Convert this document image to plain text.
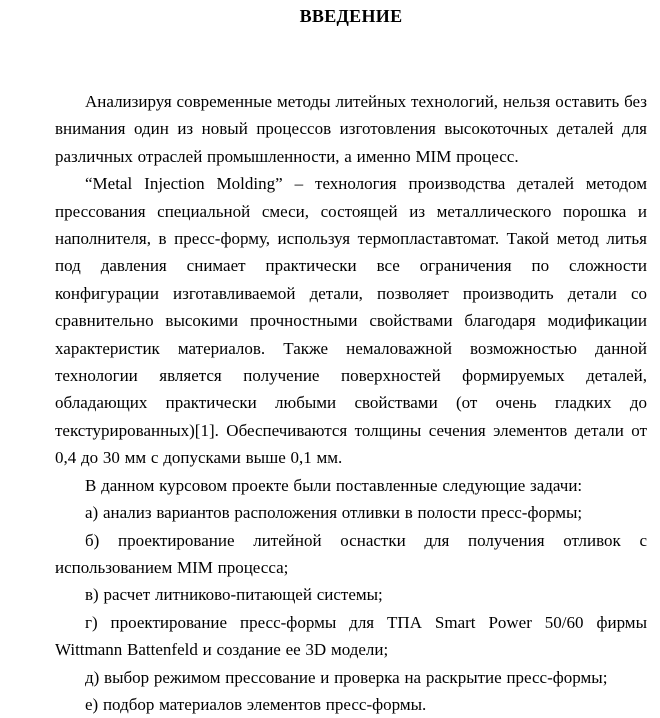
ВВЕДЕНИЕ

Анализируя современные методы литейных технологий, нельзя оставить без внимания один из новый процессов изготовления высокоточных деталей для различных отраслей промышленности, а именно MIM процесс.

“Metal Injection Molding” – технология производства деталей методом прессования специальной смеси, состоящей из металлического порошка и наполнителя, в пресс-форму, используя термопластавтомат. Такой метод литья под давления снимает практически все ограничения по сложности конфигурации изготавливаемой детали, позволяет производить детали со сравнительно высокими прочностными свойствами благодаря модификации характеристик материалов. Также немаловажной возможностью данной технологии является получение поверхностей формируемых деталей, обладающих практически любыми свойствами (от очень гладких до текстурированных)[1]. Обеспечиваются толщины сечения элементов детали от 0,4 до 30 мм с допусками выше 0,1 мм.

В данном курсовом проекте были поставленные следующие задачи:

а) анализ вариантов расположения отливки в полости пресс-формы;

б) проектирование литейной оснастки для получения отливок с использованием MIM процесса;

в) расчет литниково-питающей системы;

г) проектирование пресс-формы для ТПА Smart Power 50/60 фирмы Wittmann Battenfeld и создание ее 3D модели;

д) выбор режимом прессование и проверка на раскрытие пресс-формы;

е) подбор материалов элементов пресс-формы.
